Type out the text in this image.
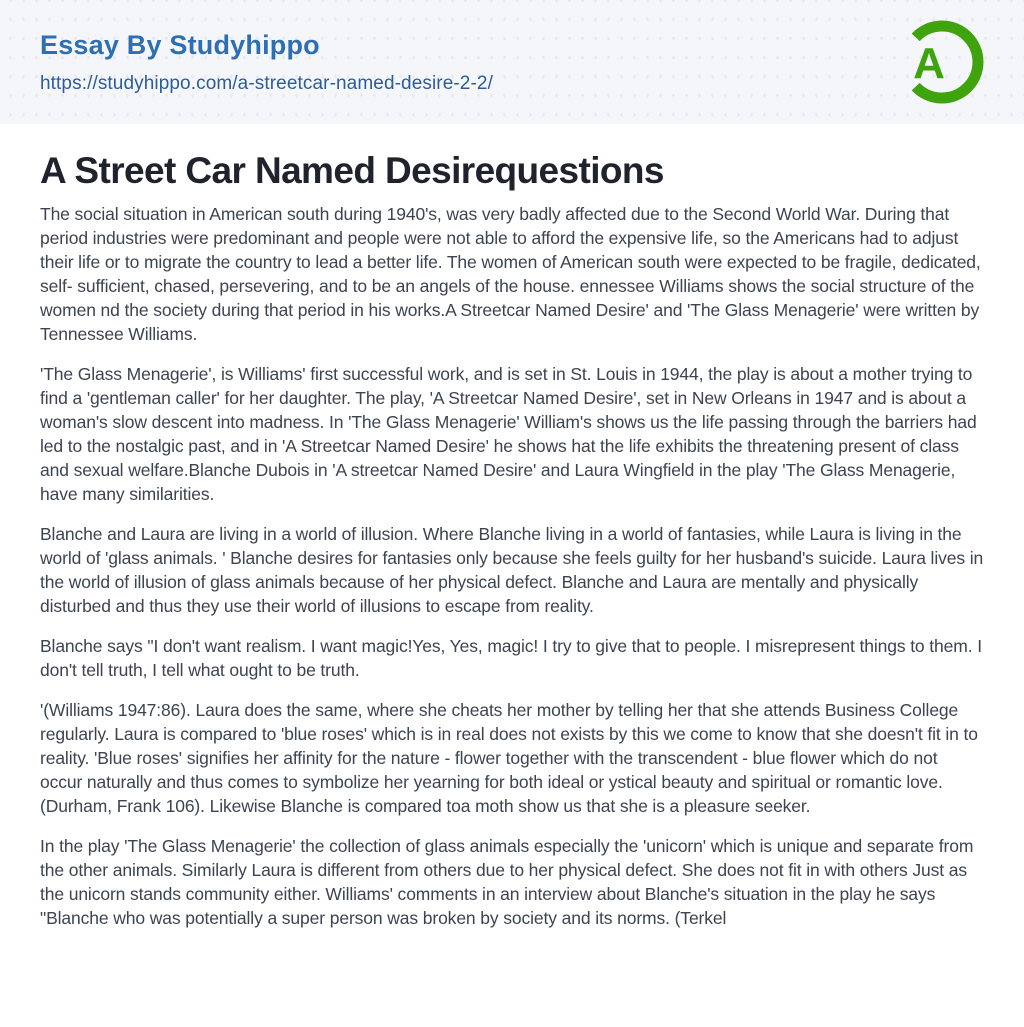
Essay By Studyhippo
https://studyhippo.com/a-streetcar-named-desire-2-2/	A
A Street Car Named Desirequestions

The social situation in American south during 1940's, was very badly affected due to the Second World War. During that period industries were predominant and people were not able to afford the expensive life, so the Americans had to adjust their life or to migrate the country to lead a better life. The women of American south were expected to be fragile, dedicated, self- sufficient, chased, persevering, and to be an angels of the house. ennessee Williams shows the social structure of the women nd the society during that period in his works.A Streetcar Named Desire' and 'The Glass Menagerie' were written by Tennessee Williams.

'The Glass Menagerie', is Williams' first successful work, and is set in St. Louis in 1944, the play is about a mother trying to find a 'gentleman caller' for her daughter. The play, 'A Streetcar Named Desire', set in New Orleans in 1947 and is about a woman's slow descent into madness. In 'The Glass Menagerie' William's shows us the life passing through the barriers had led to the nostalgic past, and in 'A Streetcar Named Desire' he shows hat the life exhibits the threatening present of class and sexual welfare.Blanche Dubois in 'A streetcar Named Desire' and Laura Wingfield in the play 'The Glass Menagerie, have many similarities.

Blanche and Laura are living in a world of illusion. Where Blanche living in a world of fantasies, while Laura is living in the world of 'glass animals. ' Blanche desires for fantasies only because she feels guilty for her husband's suicide. Laura lives in the world of illusion of glass animals because of her physical defect. Blanche and Laura are mentally and physically disturbed and thus they use their world of illusions to escape from reality.

Blanche says "I don't want realism. I want magic!Yes, Yes, magic! I try to give that to people. I misrepresent things to them. I don't tell truth, I tell what ought to be truth.

'(Williams 1947:86). Laura does the same, where she cheats her mother by telling her that she attends Business College regularly. Laura is compared to 'blue roses' which is in real does not exists by this we come to know that she doesn't fit in to reality. 'Blue roses' signifies her affinity for the nature - flower together with the transcendent - blue flower which do not occur naturally and thus comes to symbolize her yearning for both ideal or ystical beauty and spiritual or romantic love. (Durham, Frank 106). Likewise Blanche is compared toa moth show us that she is a pleasure seeker.

In the play 'The Glass Menagerie' the collection of glass animals especially the 'unicorn' which is unique and separate from the other animals. Similarly Laura is different from others due to her physical defect. She does not fit in with others Just as the unicorn stands community either. Williams' comments in an interview about Blanche's situation in the play he says "Blanche who was potentially a super person was broken by society and its norms. (Terkel
